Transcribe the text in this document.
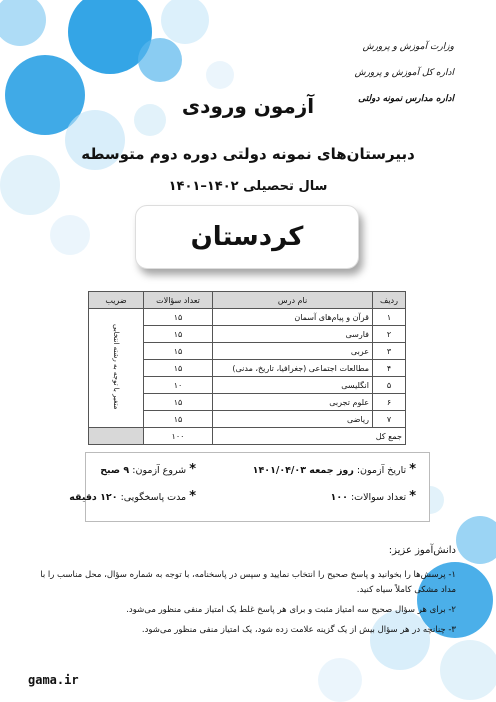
وزارت آموزش و پرورش
اداره کل آموزش و پرورش
اداره مدارس نمونه دولتی
آزمون ورودی
دبیرستان‌های نمونه دولتی دوره دوم متوسطه
سال تحصیلی ۱۴۰۲–۱۴۰۱
کردستان
ردیف	نام درس	تعداد سؤالات	ضریب
۱	قرآن و پیام‌های آسمان	۱۵	متغیر با توجه به رشته انتخابی
۲	فارسی	۱۵	
۳	عربی	۱۵	
۴	مطالعات اجتماعی (جغرافیا، تاریخ، مدنی)	۱۵	
۵	انگلیسی	۱۰	
۶	علوم تجربی	۱۵	
۷	ریاضی	۱۵	
جمع کل		۱۰۰	
* تاریخ آزمون: روز جمعه ۱۴۰۱/۰۴/۰۳
* شروع آزمون: ۹ صبح
* تعداد سوالات: ۱۰۰
* مدت پاسخگویی: ۱۲۰ دقیقه
دانش‌آموز عزیز:
۱- پرسش‌ها را بخوانید و پاسخ صحیح را انتخاب نمایید و سپس در پاسخنامه، با توجه به شماره سؤال، محل مناسب را با مداد مشکی کاملاً سیاه کنید.
۲- برای هر سؤال صحیح سه امتیاز مثبت و برای هر پاسخ غلط یک امتیاز منفی منظور می‌شود.
۳- چنانچه در هر سؤال بیش از یک گزینه علامت زده شود، یک امتیاز منفی منظور می‌شود.
gama.ir
